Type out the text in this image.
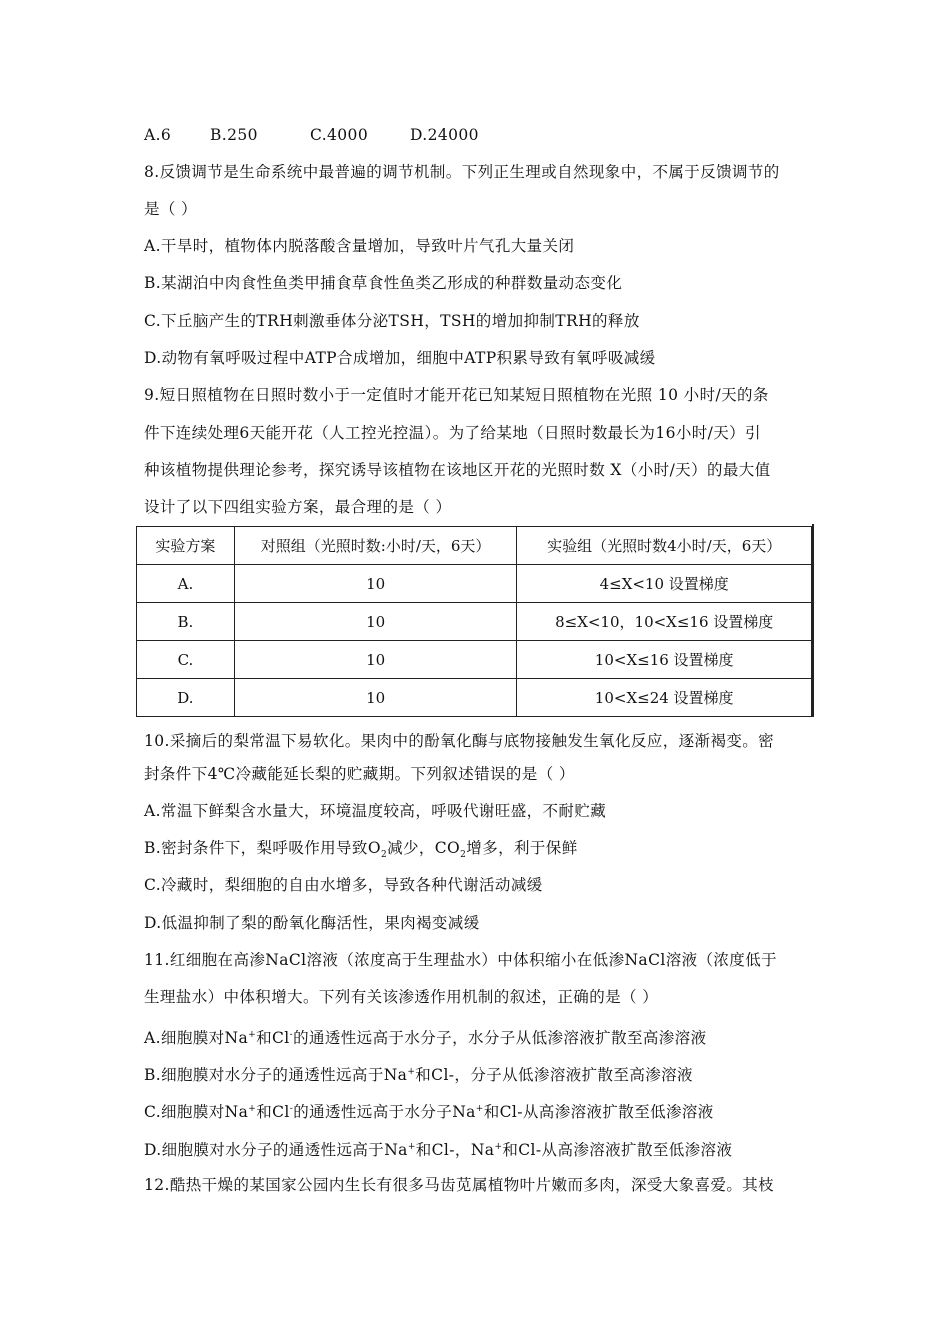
A.6	B.250	C.4000	D.24000
8.反馈调节是生命系统中最普遍的调节机制。下列正生理或自然现象中，不属于反馈调节的
是（ ）
A.干旱时，植物体内脱落酸含量增加，导致叶片气孔大量关闭
B.某湖泊中肉食性鱼类甲捕食草食性鱼类乙形成的种群数量动态变化
C.下丘脑产生的TRH刺激垂体分泌TSH，TSH的增加抑制TRH的释放
D.动物有氧呼吸过程中ATP合成增加，细胞中ATP积累导致有氧呼吸减缓
9.短日照植物在日照时数小于一定值时才能开花已知某短日照植物在光照 10 小时/天的条
件下连续处理6天能开花（人工控光控温）。为了给某地（日照时数最长为16小时/天）引
种该植物提供理论参考，探究诱导该植物在该地区开花的光照时数 X（小时/天）的最大值
设计了以下四组实验方案，最合理的是（ ）
实验方案	对照组（光照时数:小时/天，6天）	实验组（光照时数4小时/天，6天）
A.	10	4≤X<10 设置梯度
B.	10	8≤X<10，10<X≤16 设置梯度
C.	10	10<X≤16 设置梯度
D.	10	10<X≤24 设置梯度
10.采摘后的梨常温下易软化。果肉中的酚氧化酶与底物接触发生氧化反应，逐渐褐变。密
封条件下4℃冷藏能延长梨的贮藏期。下列叙述错误的是（ ）
A.常温下鲜梨含水量大，环境温度较高，呼吸代谢旺盛，不耐贮藏
B.密封条件下，梨呼吸作用导致$O_2$减少，$CO_2$增多，利于保鲜
C.冷藏时，梨细胞的自由水增多，导致各种代谢活动减缓
D.低温抑制了梨的酚氧化酶活性，果肉褐变减缓
11.红细胞在高渗NaCl溶液（浓度高于生理盐水）中体积缩小在低渗NaCl溶液（浓度低于
生理盐水）中体积增大。下列有关该渗透作用机制的叙述，正确的是（ ）
A.细胞膜对Na+和Cl-的通透性远高于水分子，水分子从低渗溶液扩散至高渗溶液
B.细胞膜对水分子的通透性远高于Na+和Cl-，分子从低渗溶液扩散至高渗溶液
C.细胞膜对Na+和Cl-的通透性远高于水分子Na+和Cl-从高渗溶液扩散至低渗溶液
D.细胞膜对水分子的通透性远高于Na+和Cl-，Na+和Cl-从高渗溶液扩散至低渗溶液
12.酷热干燥的某国家公园内生长有很多马齿苋属植物叶片嫩而多肉，深受大象喜爱。其枝
